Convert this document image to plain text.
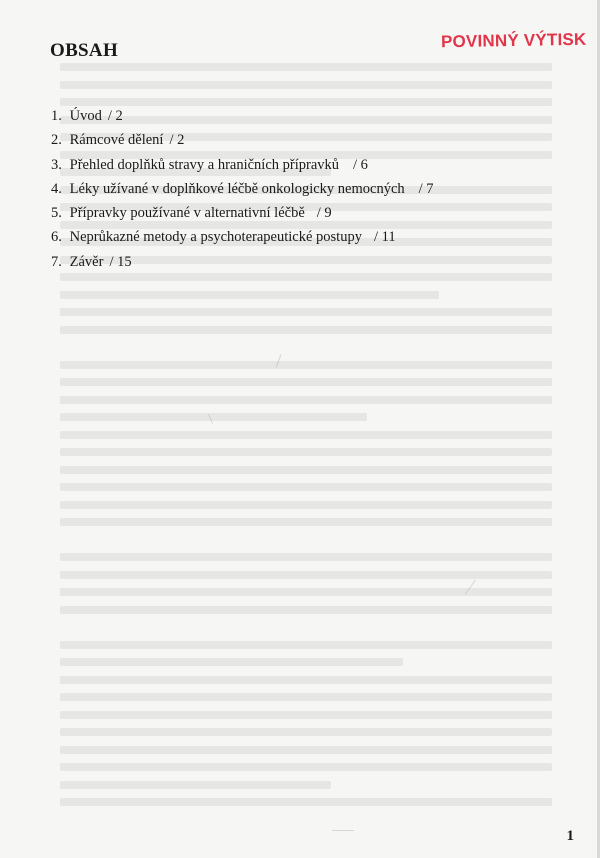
POVINNÝ VÝTISK
OBSAH
1. Úvod / 2
2. Rámcové dělení / 2
3. Přehled doplňků stravy a hraničních přípravků / 6
4. Léky užívané v doplňkové léčbě onkologicky nemocných / 7
5. Přípravky používané v alternativní léčbě / 9
6. Neprůkazné metody a psychoterapeutické postupy / 11
7. Závěr / 15
1
